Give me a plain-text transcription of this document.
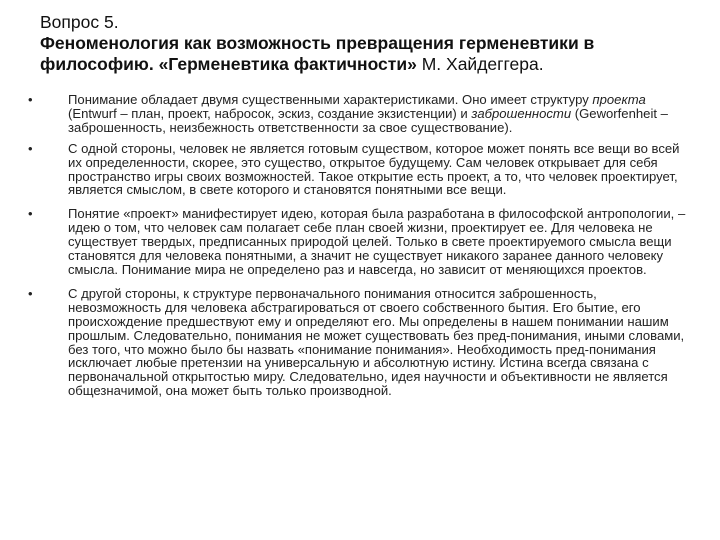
Вопрос 5.
Феноменология как возможность превращения герменевтики в философию. «Герменевтика фактичности» М. Хайдеггера.
•	Понимание обладает двумя существенными характеристиками. Оно имеет структуру проекта (Entwurf – план, проект, набросок, эскиз, создание экзистенции) и заброшенности (Geworfenheit – заброшенность, неизбежность ответственности за свое существование).
•	С одной стороны, человек не является готовым существом, которое может понять все вещи во всей их определенности, скорее, это существо, открытое будущему. Сам человек открывает для себя пространство игры своих возможностей. Такое открытие есть проект, а то, что человек проектирует, является смыслом, в свете которого и становятся понятными все вещи.
•	Понятие «проект» манифестирует идею, которая была разработана в философской антропологии, – идею о том, что человек сам полагает себе план своей жизни, проектирует ее. Для человека не существует твердых, предписанных природой целей. Только в свете проектируемого смысла вещи становятся для человека понятными, а значит не существует никакого заранее данного человеку смысла. Понимание мира не определено раз и навсегда, но зависит от меняющихся проектов.
•	С другой стороны, к структуре первоначального понимания относится заброшенность, невозможность для человека абстрагироваться от своего собственного бытия. Его бытие, его происхождение предшествуют ему и определяют его. Мы определены в нашем понимании нашим прошлым. Следовательно, понимания не может существовать без пред-понимания, иными словами, без того, что можно было бы назвать «понимание понимания». Необходимость пред-понимания исключает любые претензии на универсальную и абсолютную истину. Истина всегда связана с первоначальной открытостью миру. Следовательно, идея научности и объективности не является общезначимой, она может быть только производной.
